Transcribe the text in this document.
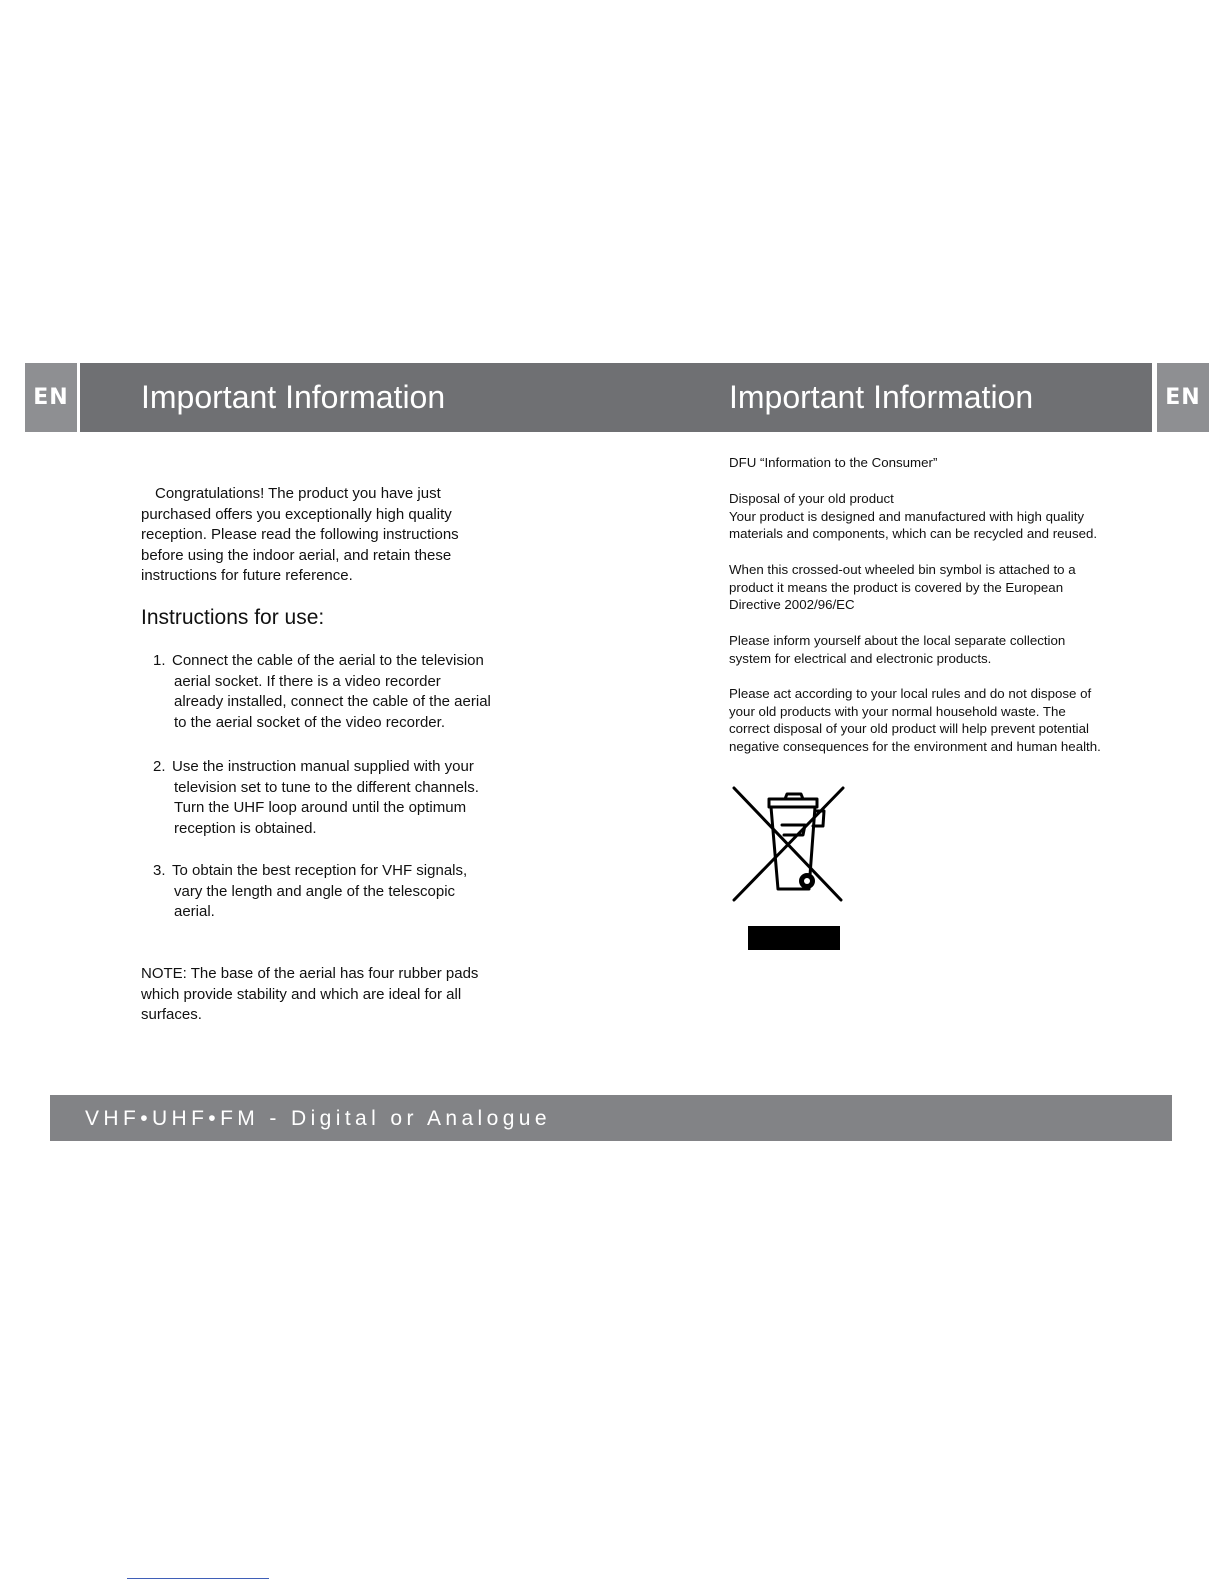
EN	EN
Important Information	Important Information
Congratulations! The product you have just
purchased offers you exceptionally high quality
reception. Please read the following instructions
before using the indoor aerial, and retain these
instructions for future reference.
Instructions for use:
1. Connect the cable of the aerial to the television
aerial socket. If there is a video recorder
already installed, connect the cable of the aerial
to the aerial socket of the video recorder.
2. Use the instruction manual supplied with your
television set to tune to the different channels.
Turn the UHF loop around until the optimum
reception is obtained.
3. To obtain the best reception for VHF signals,
vary the length and angle of the telescopic
aerial.
NOTE: The base of the aerial has four rubber pads
which provide stability and which are ideal for all
surfaces.
DFU “Information to the Consumer”
Disposal of your old product
Your product is designed and manufactured with high quality
materials and components, which can be recycled and reused.
When this crossed-out wheeled bin symbol is attached to a
product it means the product is covered by the European
Directive 2002/96/EC
Please inform yourself about the local separate collection
system for electrical and electronic products.
Please act according to your local rules and do not dispose of
your old products with your normal household waste. The
correct disposal of your old product will help prevent potential
negative consequences for the environment and human health.
VHF•UHF•FM - Digital or Analogue
